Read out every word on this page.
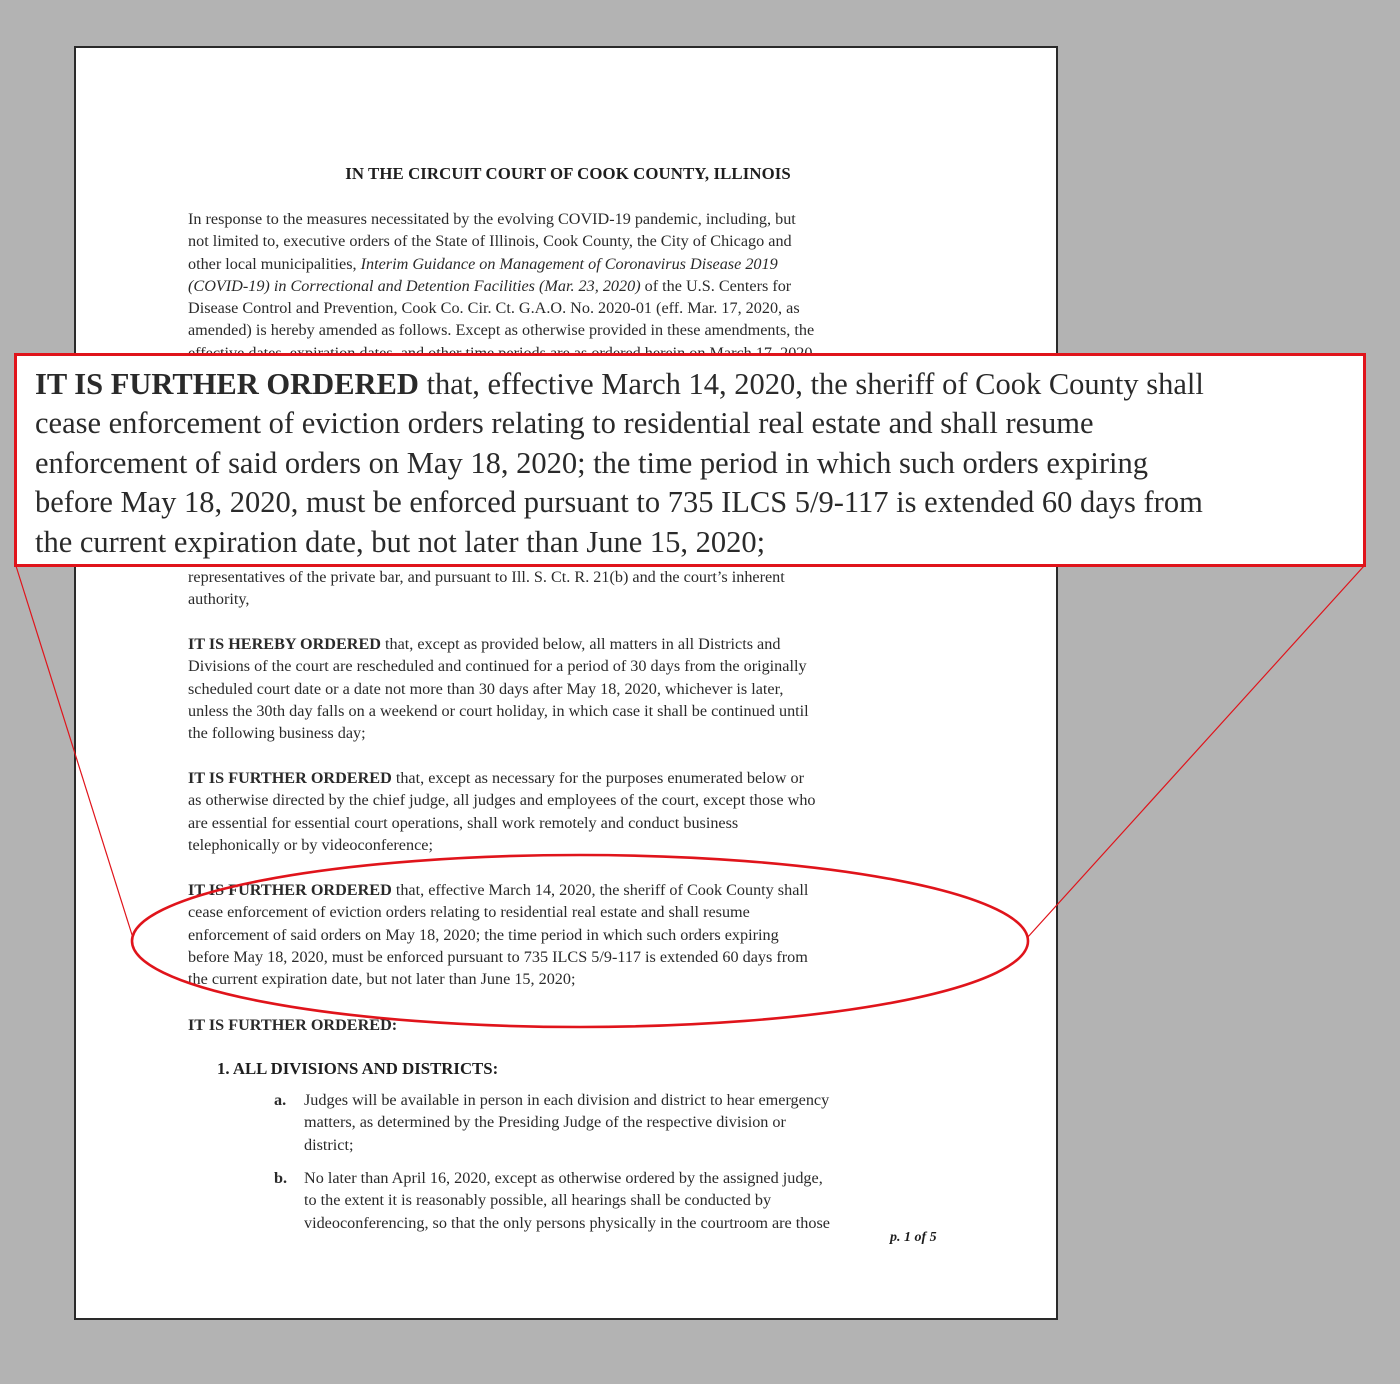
IN THE CIRCUIT COURT OF COOK COUNTY, ILLINOIS

In response to the measures necessitated by the evolving COVID-19 pandemic, including, but

not limited to, executive orders of the State of Illinois, Cook County, the City of Chicago and

other local municipalities, Interim Guidance on Management of Coronavirus Disease 2019

(COVID-19) in Correctional and Detention Facilities (Mar. 23, 2020) of the U.S. Centers for

Disease Control and Prevention, Cook Co. Cir. Ct. G.A.O. No. 2020-01 (eff. Mar. 17, 2020, as

amended) is hereby amended as follows. Except as otherwise provided in these amendments, the

representatives of the private bar, and pursuant to Ill. S. Ct. R. 21(b) and the court’s inherent

authority,

IT IS HEREBY ORDERED that, except as provided below, all matters in all Districts and

Divisions of the court are rescheduled and continued for a period of 30 days from the originally

scheduled court date or a date not more than 30 days after May 18, 2020, whichever is later,

unless the 30th day falls on a weekend or court holiday, in which case it shall be continued until

the following business day;

IT IS FURTHER ORDERED that, except as necessary for the purposes enumerated below or

as otherwise directed by the chief judge, all judges and employees of the court, except those who

are essential for essential court operations, shall work remotely and conduct business

telephonically or by videoconference;

IT IS FURTHER ORDERED that, effective March 14, 2020, the sheriff of Cook County shall

cease enforcement of eviction orders relating to residential real estate and shall resume

enforcement of said orders on May 18, 2020; the time period in which such orders expiring

before May 18, 2020, must be enforced pursuant to 735 ILCS 5/9-117 is extended 60 days from

the current expiration date, but not later than June 15, 2020;

IT IS FURTHER ORDERED:

1. ALL DIVISIONS AND DISTRICTS:
a. Judges will be available in person in each division and district to hear emergency

matters, as determined by the Presiding Judge of the respective division or

district;

b. No later than April 16, 2020, except as otherwise ordered by the assigned judge,

to the extent it is reasonably possible, all hearings shall be conducted by

videoconferencing, so that the only persons physically in the courtroom are those

p. 1 of 5

IT IS FURTHER ORDERED that, effective March 14, 2020, the sheriff of Cook County shall

cease enforcement of eviction orders relating to residential real estate and shall resume

enforcement of said orders on May 18, 2020; the time period in which such orders expiring

before May 18, 2020, must be enforced pursuant to 735 ILCS 5/9-117 is extended 60 days from

the current expiration date, but not later than June 15, 2020;
